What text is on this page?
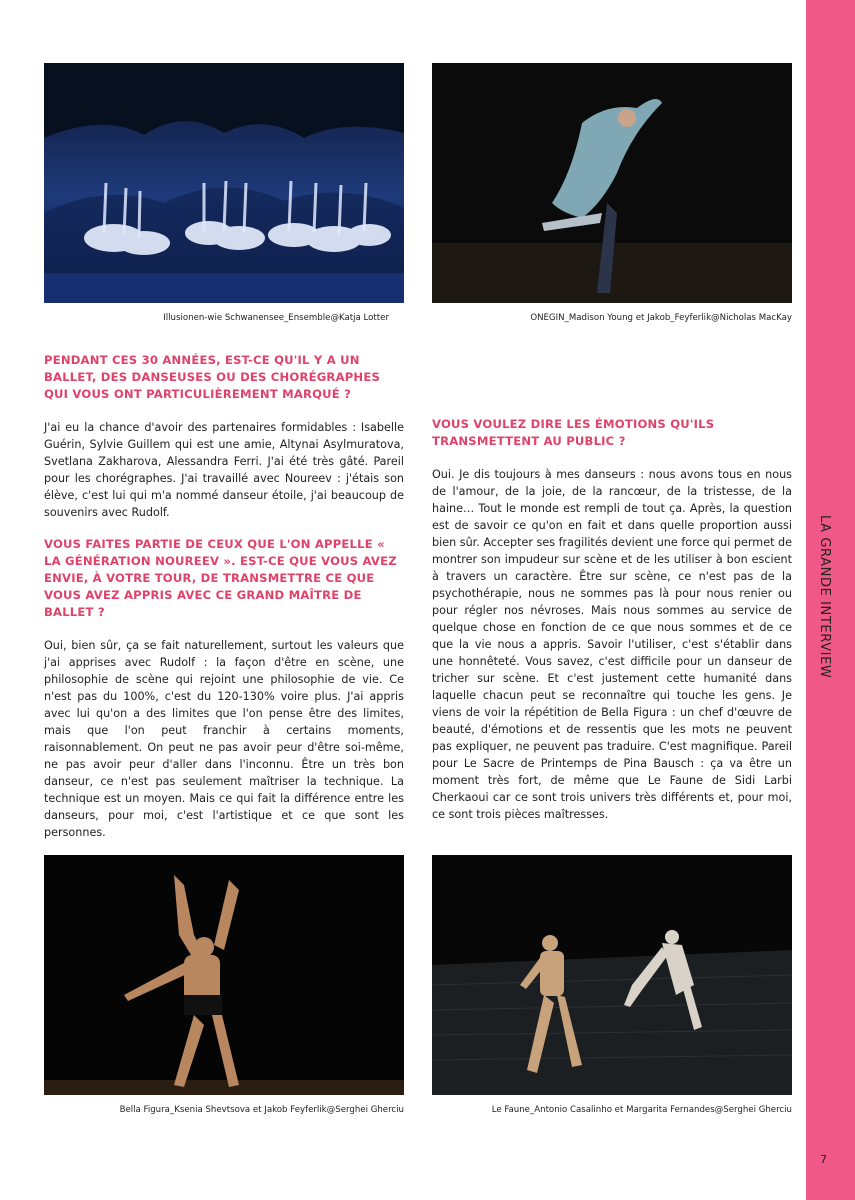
Illusionen-wie Schwanensee_Ensemble@Katja Lotter	ONEGIN_Madison Young et Jakob_Feyferlik@Nicholas MacKay

PENDANT CES 30 ANNÉES, EST-CE QU'IL Y A UN BALLET, DES DANSEUSES OU DES CHORÉGRAPHES QUI VOUS ONT PARTICULIÈREMENT MARQUÉ ?

J'ai eu la chance d'avoir des partenaires formidables : Isabelle Guérin, Sylvie Guillem qui est une amie, Altynai Asylmuratova, Svetlana Zakharova, Alessandra Ferri. J'ai été très gâté. Pareil pour les chorégraphes. J'ai travaillé avec Noureev : j'étais son élève, c'est lui qui m'a nommé danseur étoile, j'ai beaucoup de souvenirs avec Rudolf.

VOUS FAITES PARTIE DE CEUX QUE L'ON APPELLE « LA GÉNÉRATION NOUREEV ». EST-CE QUE VOUS AVEZ ENVIE, À VOTRE TOUR, DE TRANSMETTRE CE QUE VOUS AVEZ APPRIS AVEC CE GRAND MAÎTRE DE BALLET ?

Oui, bien sûr, ça se fait naturellement, surtout les valeurs que j'ai apprises avec Rudolf : la façon d'être en scène, une philosophie de scène qui rejoint une philosophie de vie. Ce n'est pas du 100%, c'est du 120-130% voire plus. J'ai appris avec lui qu'on a des limites que l'on pense être des limites, mais que l'on peut franchir à certains moments, raisonnablement. On peut ne pas avoir peur d'être soi-même, ne pas avoir peur d'aller dans l'inconnu. Être un très bon danseur, ce n'est pas seulement maîtriser la technique. La technique est un moyen. Mais ce qui fait la différence entre les danseurs, pour moi, c'est l'artistique et ce que sont les personnes.

VOUS VOULEZ DIRE LES ÉMOTIONS QU'ILS TRANSMETTENT AU PUBLIC ?

Oui. Je dis toujours à mes danseurs : nous avons tous en nous de l'amour, de la joie, de la rancœur, de la tristesse, de la haine… Tout le monde est rempli de tout ça. Après, la question est de savoir ce qu'on en fait et dans quelle proportion aussi bien sûr. Accepter ses fragilités devient une force qui permet de montrer son impudeur sur scène et de les utiliser à bon escient à travers un caractère. Être sur scène, ce n'est pas de la psychothérapie, nous ne sommes pas là pour nous renier ou pour régler nos névroses. Mais nous sommes au service de quelque chose en fonction de ce que nous sommes et de ce que la vie nous a appris. Savoir l'utiliser, c'est s'établir dans une honnêteté. Vous savez, c'est difficile pour un danseur de tricher sur scène. Et c'est justement cette humanité dans laquelle chacun peut se reconnaître qui touche les gens. Je viens de voir la répétition de Bella Figura : un chef d'œuvre de beauté, d'émotions et de ressentis que les mots ne peuvent pas expliquer, ne peuvent pas traduire. C'est magnifique. Pareil pour Le Sacre de Printemps de Pina Bausch : ça va être un moment très fort, de même que Le Faune de Sidi Larbi Cherkaoui car ce sont trois univers très différents et, pour moi, ce sont trois pièces maîtresses.

Bella Figura_Ksenia Shevtsova et Jakob Feyferlik@Serghei Gherciu	Le Faune_Antonio Casalinho et Margarita Fernandes@Serghei Gherciu
LA GRANDE INTERVIEW
7
